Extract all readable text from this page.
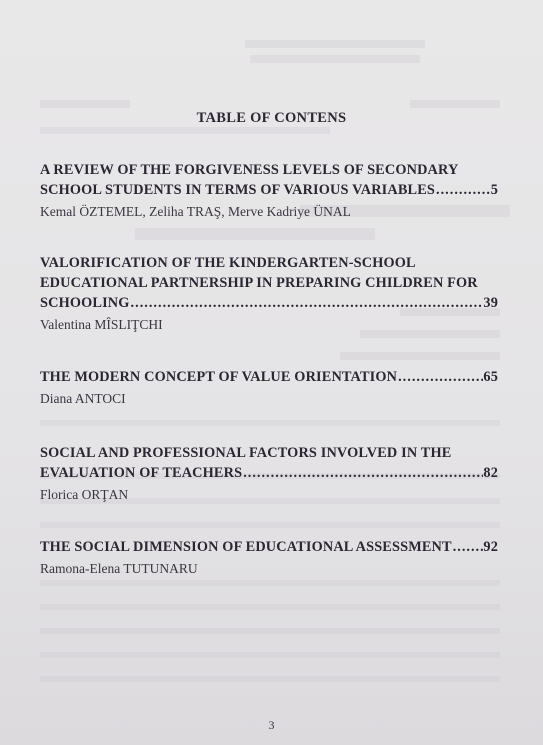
TABLE OF CONTENS
A REVIEW OF THE FORGIVENESS LEVELS OF SECONDARY
SCHOOL STUDENTS IN TERMS OF VARIOUS VARIABLES .....	5
Kemal ÖZTEMEL, Zeliha TRAŞ, Merve Kadriye ÜNAL
VALORIFICATION OF THE KINDERGARTEN-SCHOOL
EDUCATIONAL PARTNERSHIP IN PREPARING CHILDREN FOR
SCHOOLING .....	39
Valentina MÎSLIŢCHI
THE MODERN CONCEPT OF VALUE ORIENTATION .....	65
Diana ANTOCI
SOCIAL AND PROFESSIONAL FACTORS INVOLVED IN THE
EVALUATION OF TEACHERS .....	82
Florica ORŢAN
THE SOCIAL DIMENSION OF EDUCATIONAL ASSESSMENT ..... 92
Ramona-Elena TUTUNARU
3
